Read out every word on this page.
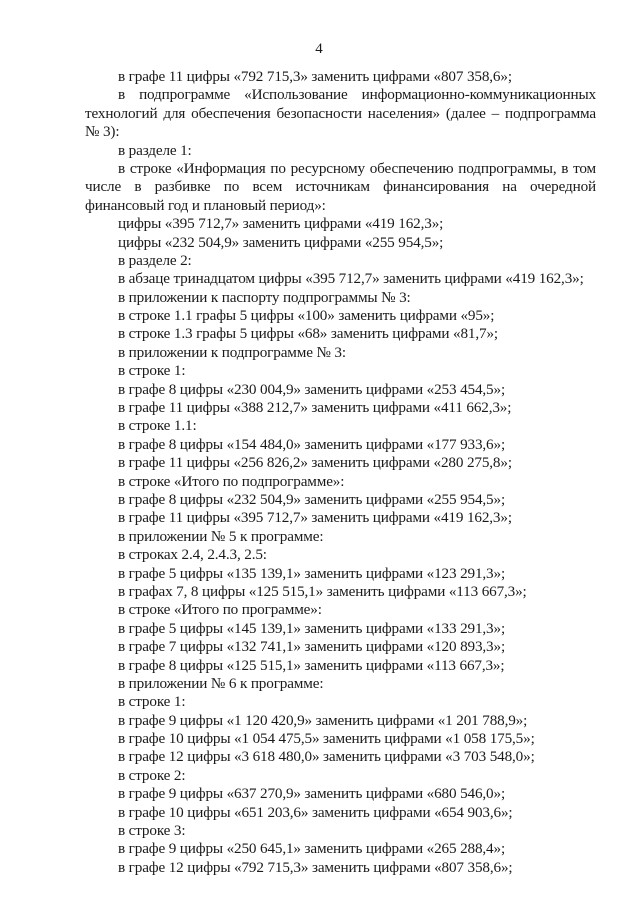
4
в графе 11 цифры «792 715,3» заменить цифрами «807 358,6»;
в подпрограмме «Использование информационно-коммуникационных
технологий для обеспечения безопасности населения» (далее – подпрограмма
№ 3):
в разделе 1:
в строке «Информация по ресурсному обеспечению подпрограммы, в том
числе в разбивке по всем источникам финансирования на очередной
финансовый год и плановый период»:
цифры «395 712,7» заменить цифрами «419 162,3»;
цифры «232 504,9» заменить цифрами «255 954,5»;
в разделе 2:
в абзаце тринадцатом цифры «395 712,7» заменить цифрами «419 162,3»;
в приложении к паспорту подпрограммы № 3:
в строке 1.1 графы 5 цифры «100» заменить цифрами «95»;
в строке 1.3 графы 5 цифры «68» заменить цифрами «81,7»;
в приложении к подпрограмме № 3:
в строке 1:
в графе 8 цифры «230 004,9» заменить цифрами «253 454,5»;
в графе 11 цифры «388 212,7» заменить цифрами «411 662,3»;
в строке 1.1:
в графе 8 цифры «154 484,0» заменить цифрами «177 933,6»;
в графе 11 цифры «256 826,2» заменить цифрами «280 275,8»;
в строке «Итого по подпрограмме»:
в графе 8 цифры «232 504,9» заменить цифрами «255 954,5»;
в графе 11 цифры «395 712,7» заменить цифрами «419 162,3»;
в приложении № 5 к программе:
в строках 2.4, 2.4.3, 2.5:
в графе 5 цифры «135 139,1» заменить цифрами «123 291,3»;
в графах 7, 8 цифры «125 515,1» заменить цифрами «113 667,3»;
в строке «Итого по программе»:
в графе 5 цифры «145 139,1» заменить цифрами «133 291,3»;
в графе 7 цифры «132 741,1» заменить цифрами «120 893,3»;
в графе 8 цифры «125 515,1» заменить цифрами «113 667,3»;
в приложении № 6 к программе:
в строке 1:
в графе 9 цифры «1 120 420,9» заменить цифрами «1 201 788,9»;
в графе 10 цифры «1 054 475,5» заменить цифрами «1 058 175,5»;
в графе 12 цифры «3 618 480,0» заменить цифрами «3 703 548,0»;
в строке 2:
в графе 9 цифры «637 270,9» заменить цифрами «680 546,0»;
в графе 10 цифры «651 203,6» заменить цифрами «654 903,6»;
в строке 3:
в графе 9 цифры «250 645,1» заменить цифрами «265 288,4»;
в графе 12 цифры «792 715,3» заменить цифрами «807 358,6»;
